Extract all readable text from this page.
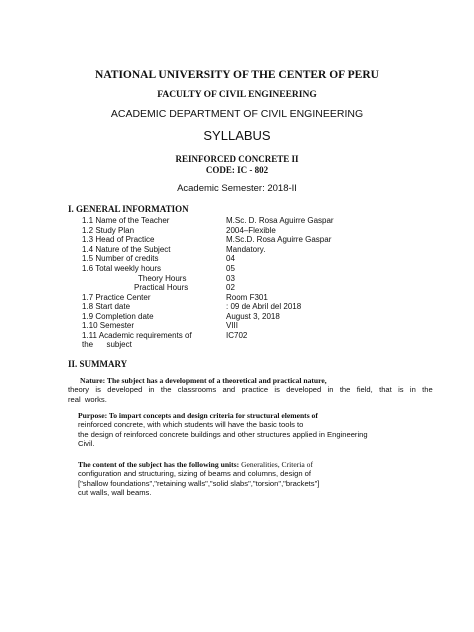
NATIONAL UNIVERSITY OF THE CENTER OF PERU
FACULTY OF CIVIL ENGINEERING
ACADEMIC DEPARTMENT OF CIVIL ENGINEERING
SYLLABUS
REINFORCED CONCRETE II
CODE: IC - 802
Academic Semester: 2018-II
I. GENERAL INFORMATION
1.1 Name of the Teacher	M.Sc. D. Rosa Aguirre Gaspar
1.2 Study Plan	2004–Flexible
1.3 Head of Practice	M.Sc.D. Rosa Aguirre Gaspar
1.4 Nature of the Subject	Mandatory.
1.5 Number of credits	04
1.6 Total weekly hours	05
Theory Hours	03
Practical Hours	02
1.7 Practice Center	Room F301
1.8 Start date	: 09 de Abril del 2018
1.9 Completion date	August 3, 2018
1.10 Semester	VIII
1.11 Academic requirements of	IC702
the      subject
II. SUMMARY
Nature: The subject has a development of a theoretical and practical nature,
theory   is   developed   in   the   classrooms   and   practice   is   developed   in   the   field,   that   is   in   the
real  works.
Purpose: To impart concepts and design criteria for structural elements of
reinforced concrete, with which students will have the basic tools to
the design of reinforced concrete buildings and other structures applied in Engineering
Civil.
The content of the subject has the following units: Generalities, Criteria of
configuration and structuring, sizing of beams and columns, design of
["shallow foundations","retaining walls","solid slabs","torsion","brackets"]
cut walls, wall beams.
